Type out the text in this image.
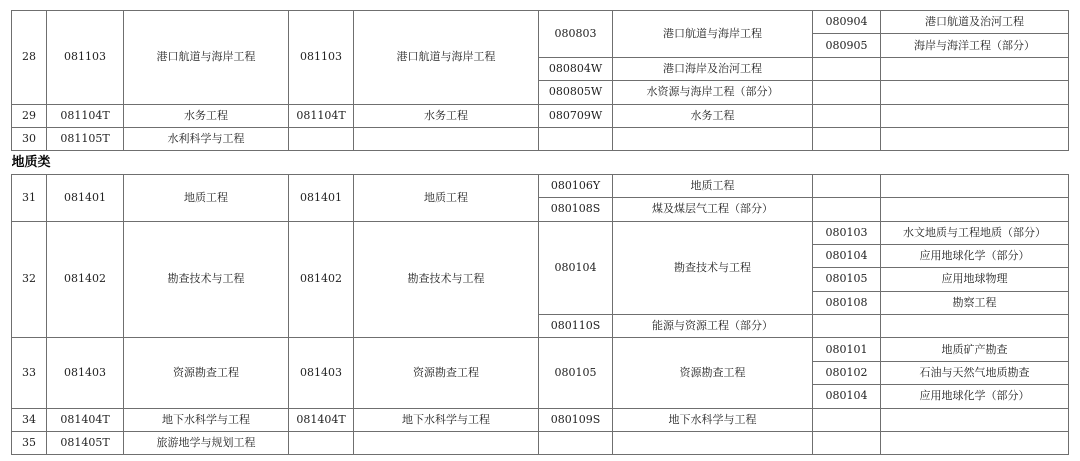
28	081103	港口航道与海岸工程	081103	港口航道与海岸工程	080803	港口航道与海岸工程	080904	港口航道及治河工程
							080905	海岸与海洋工程（部分）
					080804W	港口海岸及治河工程		
					080805W	水资源与海岸工程（部分）		
29	081104T	水务工程	081104T	水务工程	080709W	水务工程		
30	081105T	水利科学与工程						
地质类								
31	081401	地质工程	081401	地质工程	080106Y	地质工程		
					080108S	煤及煤层气工程（部分）		
32	081402	勘查技术与工程	081402	勘查技术与工程	080104	勘查技术与工程	080103	水文地质与工程地质（部分）
							080104	应用地球化学（部分）
							080105	应用地球物理
							080108	勘察工程
					080110S	能源与资源工程（部分）		
33	081403	资源勘查工程	081403	资源勘查工程	080105	资源勘查工程	080101	地质矿产勘查
							080102	石油与天然气地质勘查
							080104	应用地球化学（部分）
34	081404T	地下水科学与工程	081404T	地下水科学与工程	080109S	地下水科学与工程		
35	081405T	旅游地学与规划工程						
